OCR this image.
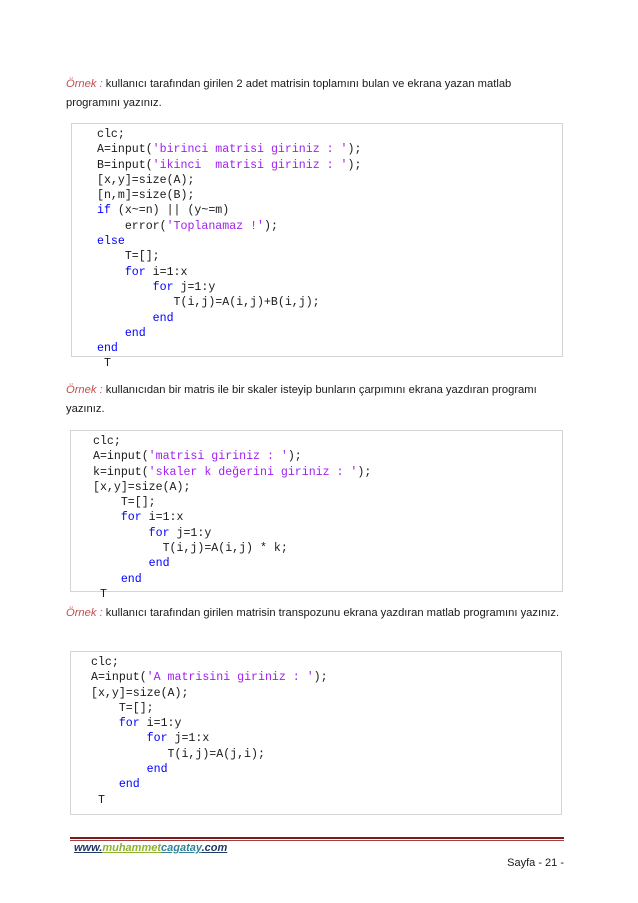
Örnek : kullanıcı tarafından girilen 2 adet matrisin toplamını bulan ve ekrana yazan matlab programını yazınız.
clc;
A=input('birinci matrisi giriniz : ');
B=input('ikinci  matrisi giriniz : ');
[x,y]=size(A);
[n,m]=size(B);
if (x~=n) || (y~=m)
error('Toplanamaz !');
else
T=[];
for i=1:x
for j=1:y
T(i,j)=A(i,j)+B(i,j);
end
end
end
T
Örnek : kullanıcıdan bir matris ile bir skaler isteyip bunların çarpımını ekrana yazdıran programı yazınız.
clc;
A=input('matrisi giriniz : ');
k=input('skaler k değerini giriniz : ');
[x,y]=size(A);
T=[];
for i=1:x
for j=1:y
T(i,j)=A(i,j) * k;
end
end
T
Örnek : kullanıcı tarafından girilen matrisin transpozunu ekrana yazdıran matlab programını yazınız.
clc;
A=input('A matrisini giriniz : ');
[x,y]=size(A);
T=[];
for i=1:y
for j=1:x
T(i,j)=A(j,i);
end
end
T
www.muhammetcagatay.com
Sayfa - 21 -
